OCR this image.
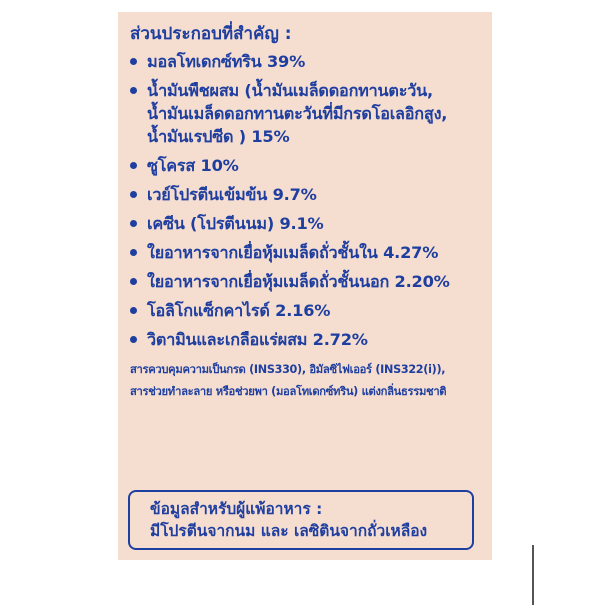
ส่วนประกอบที่สำคัญ :
มอลโทเดกซ์ทริน 39%
น้ำมันพืชผสม (น้ำมันเมล็ดดอกทานตะวัน,
น้ำมันเมล็ดดอกทานตะวันที่มีกรดโอเลอิกสูง,
น้ำมันเรปซีด ) 15%
ซูโครส 10%
เวย์โปรตีนเข้มข้น 9.7%
เคซีน (โปรตีนนม) 9.1%
ใยอาหารจากเยื่อหุ้มเมล็ดถั่วชั้นใน 4.27%
ใยอาหารจากเยื่อหุ้มเมล็ดถั่วชั้นนอก 2.20%
โอลิโกแซ็กคาไรด์ 2.16%
วิตามินและเกลือแร่ผสม 2.72%
สารควบคุมความเป็นกรด (INS330), อิมัลซิไฟเออร์ (INS322(i)),
สารช่วยทำละลาย หรือช่วยพา (มอลโทเดกซ์ทริน) แต่งกลิ่นธรรมชาติ
ข้อมูลสำหรับผู้แพ้อาหาร :
มีโปรตีนจากนม และ เลซิตินจากถั่วเหลือง
